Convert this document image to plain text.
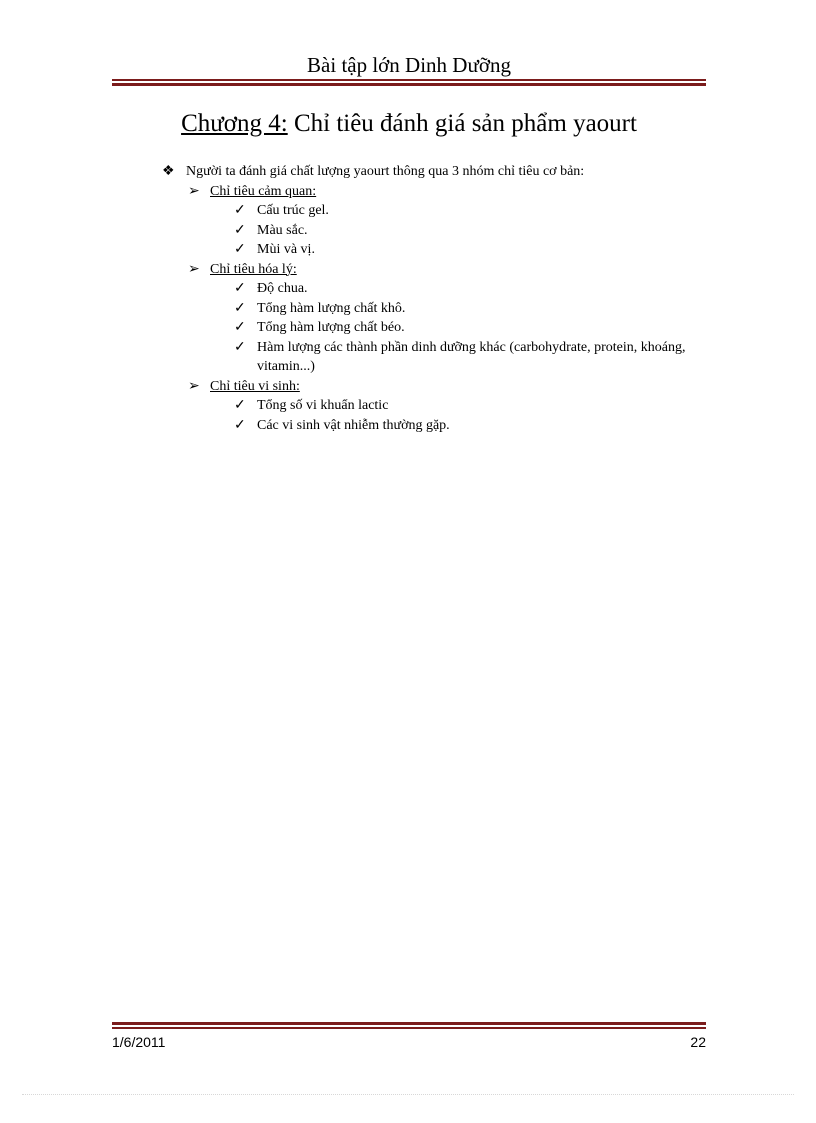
Bài tập lớn Dinh Dưỡng
Chương 4: Chỉ tiêu đánh giá sản phẩm yaourt
❖ Người ta đánh giá chất lượng yaourt thông qua 3 nhóm chỉ tiêu cơ bản:
➢ Chỉ tiêu cảm quan:
✓ Cấu trúc gel.
✓ Màu sắc.
✓ Mùi và vị.
➢ Chỉ tiêu hóa lý:
✓ Độ chua.
✓ Tổng hàm lượng chất khô.
✓ Tổng hàm lượng chất béo.
✓ Hàm lượng các thành phần dinh dưỡng khác (carbohydrate, protein, khoáng, vitamin...)
➢ Chỉ tiêu vi sinh:
✓ Tổng số vi khuẩn lactic
✓ Các vi sinh vật nhiễm thường gặp.
1/6/2011	22
